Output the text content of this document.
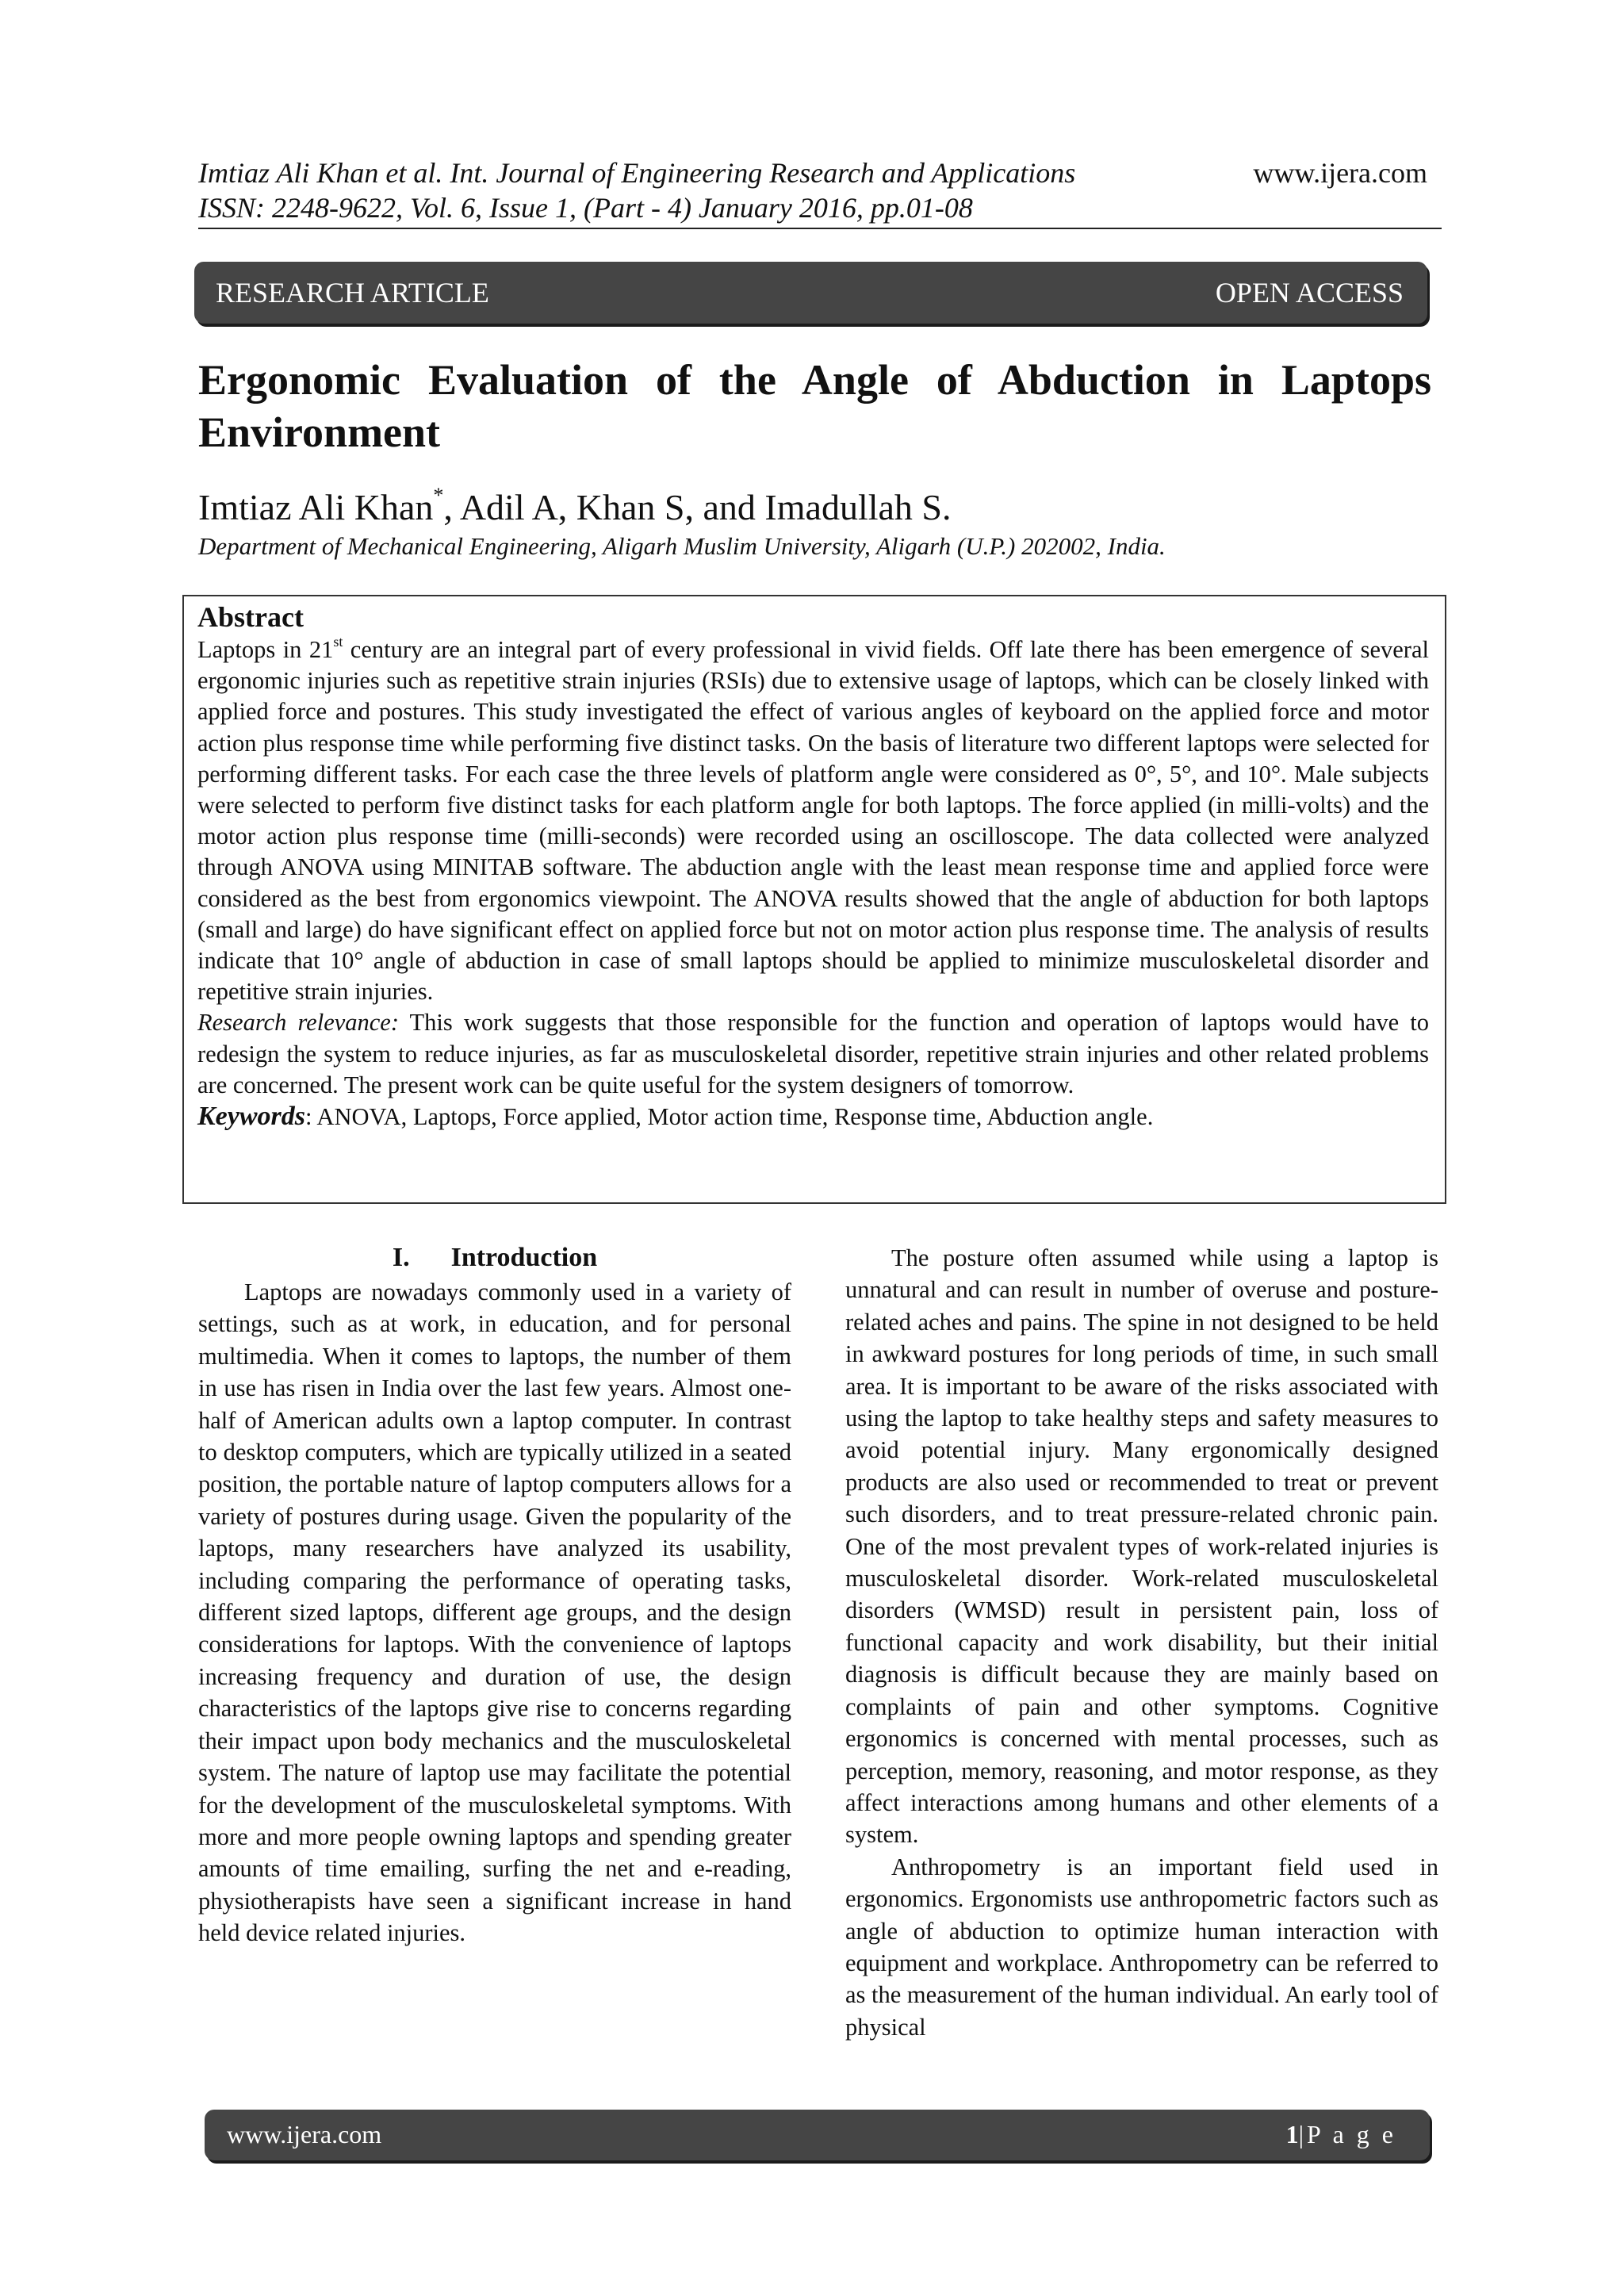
Imtiaz Ali Khan et al. Int. Journal of Engineering Research and Applications
ISSN: 2248-9622, Vol. 6, Issue 1, (Part - 4) January 2016, pp.01-08
www.ijera.com
RESEARCH ARTICLE	OPEN ACCESS
Ergonomic Evaluation of the Angle of Abduction in Laptops Environment
Imtiaz Ali Khan*, Adil A, Khan S, and Imadullah S.
Department of Mechanical Engineering, Aligarh Muslim University, Aligarh (U.P.) 202002, India.
Abstract

Laptops in 21st century are an integral part of every professional in vivid fields. Off late there has been emergence of several ergonomic injuries such as repetitive strain injuries (RSIs) due to extensive usage of laptops, which can be closely linked with applied force and postures. This study investigated the effect of various angles of keyboard on the applied force and motor action plus response time while performing five distinct tasks. On the basis of literature two different laptops were selected for performing different tasks. For each case the three levels of platform angle were considered as 0°, 5°, and 10°. Male subjects were selected to perform five distinct tasks for each platform angle for both laptops. The force applied (in milli-volts) and the motor action plus response time (milli-seconds) were recorded using an oscilloscope. The data collected were analyzed through ANOVA using MINITAB software. The abduction angle with the least mean response time and applied force were considered as the best from ergonomics viewpoint. The ANOVA results showed that the angle of abduction for both laptops (small and large) do have significant effect on applied force but not on motor action plus response time. The analysis of results indicate that 10° angle of abduction in case of small laptops should be applied to minimize musculoskeletal disorder and repetitive strain injuries.

Research relevance: This work suggests that those responsible for the function and operation of laptops would have to redesign the system to reduce injuries, as far as musculoskeletal disorder, repetitive strain injuries and other related problems are concerned. The present work can be quite useful for the system designers of tomorrow.

Keywords: ANOVA, Laptops, Force applied, Motor action time, Response time, Abduction angle.

I. Introduction

Laptops are nowadays commonly used in a variety of settings, such as at work, in education, and for personal multimedia. When it comes to laptops, the number of them in use has risen in India over the last few years. Almost one-half of American adults own a laptop computer. In contrast to desktop computers, which are typically utilized in a seated position, the portable nature of laptop computers allows for a variety of postures during usage. Given the popularity of the laptops, many researchers have analyzed its usability, including comparing the performance of operating tasks, different sized laptops, different age groups, and the design considerations for laptops. With the convenience of laptops increasing frequency and duration of use, the design characteristics of the laptops give rise to concerns regarding their impact upon body mechanics and the musculoskeletal system. The nature of laptop use may facilitate the potential for the development of the musculoskeletal symptoms. With more and more people owning laptops and spending greater amounts of time emailing, surfing the net and e-reading, physiotherapists have seen a significant increase in hand held device related injuries.

The posture often assumed while using a laptop is unnatural and can result in number of overuse and posture-related aches and pains. The spine in not designed to be held in awkward postures for long periods of time, in such small area. It is important to be aware of the risks associated with using the laptop to take healthy steps and safety measures to avoid potential injury. Many ergonomically designed products are also used or recommended to treat or prevent such disorders, and to treat pressure-related chronic pain. One of the most prevalent types of work-related injuries is musculoskeletal disorder. Work-related musculoskeletal disorders (WMSD) result in persistent pain, loss of functional capacity and work disability, but their initial diagnosis is difficult because they are mainly based on complaints of pain and other symptoms. Cognitive ergonomics is concerned with mental processes, such as perception, memory, reasoning, and motor response, as they affect interactions among humans and other elements of a system.

Anthropometry is an important field used in ergonomics. Ergonomists use anthropometric factors such as angle of abduction to optimize human interaction with equipment and workplace. Anthropometry can be referred to as the measurement of the human individual. An early tool of physical

www.ijera.com	1|P a g e
